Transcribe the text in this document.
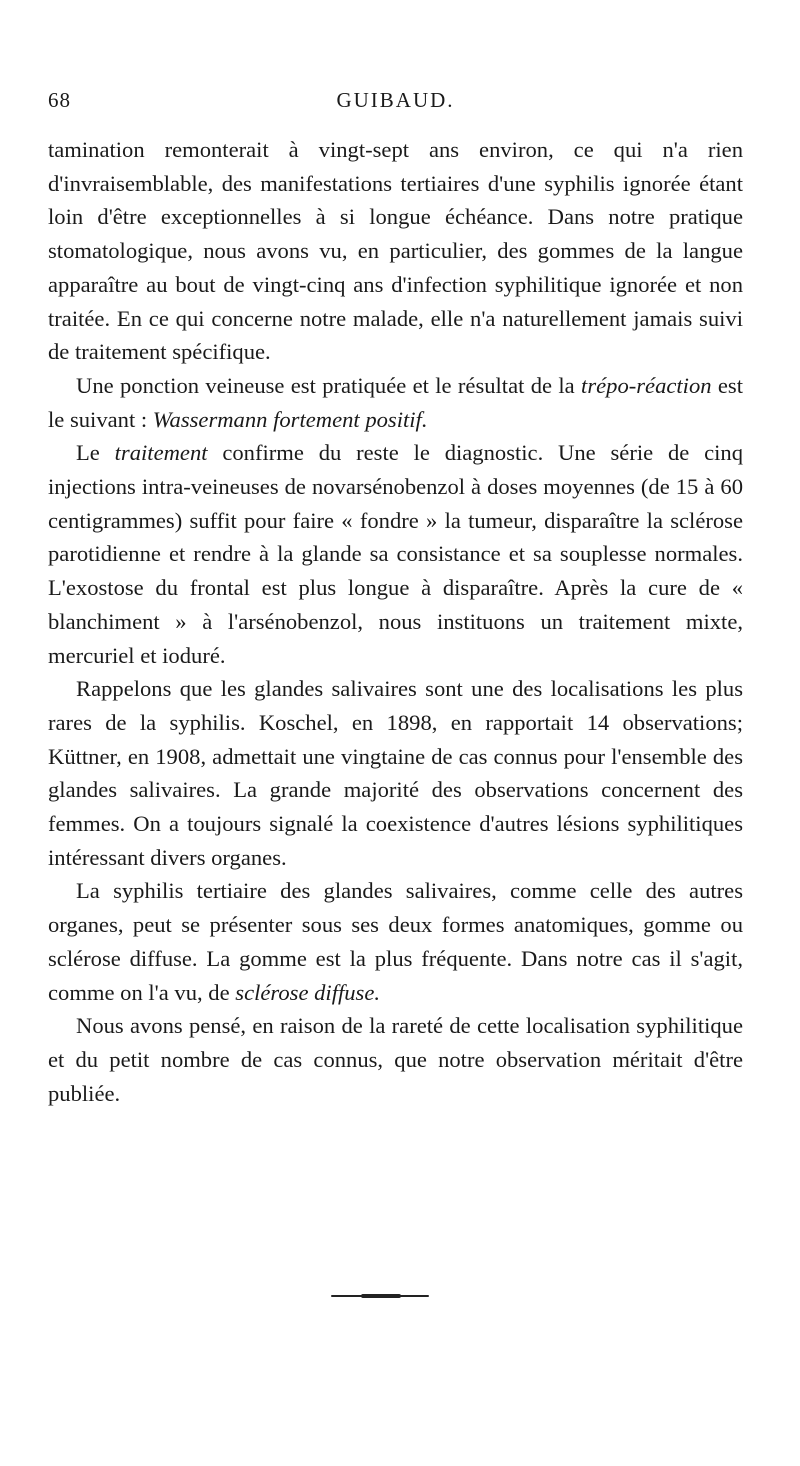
68	GUIBAUD.

tamination remonterait à vingt-sept ans environ, ce qui n'a rien d'invraisemblable, des manifestations tertiaires d'une syphilis ignorée étant loin d'être exceptionnelles à si longue échéance. Dans notre pratique stomatologique, nous avons vu, en particulier, des gommes de la langue apparaître au bout de vingt-cinq ans d'infection syphilitique ignorée et non traitée. En ce qui concerne notre malade, elle n'a naturellement jamais suivi de traitement spécifique.

Une ponction veineuse est pratiquée et le résultat de la trépo-réaction est le suivant : Wassermann fortement positif.

Le traitement confirme du reste le diagnostic. Une série de cinq injections intra-veineuses de novarsénobenzol à doses moyennes (de 15 à 60 centigrammes) suffit pour faire « fondre » la tumeur, disparaître la sclérose parotidienne et rendre à la glande sa consistance et sa souplesse normales. L'exostose du frontal est plus longue à disparaître. Après la cure de « blanchiment » à l'arsénobenzol, nous instituons un traitement mixte, mercuriel et ioduré.

Rappelons que les glandes salivaires sont une des localisations les plus rares de la syphilis. Koschel, en 1898, en rapportait 14 observations; Küttner, en 1908, admettait une vingtaine de cas connus pour l'ensemble des glandes salivaires. La grande majorité des observations concernent des femmes. On a toujours signalé la coexistence d'autres lésions syphilitiques intéressant divers organes.

La syphilis tertiaire des glandes salivaires, comme celle des autres organes, peut se présenter sous ses deux formes anatomiques, gomme ou sclérose diffuse. La gomme est la plus fréquente. Dans notre cas il s'agit, comme on l'a vu, de sclérose diffuse.

Nous avons pensé, en raison de la rareté de cette localisation syphilitique et du petit nombre de cas connus, que notre observation méritait d'être publiée.
